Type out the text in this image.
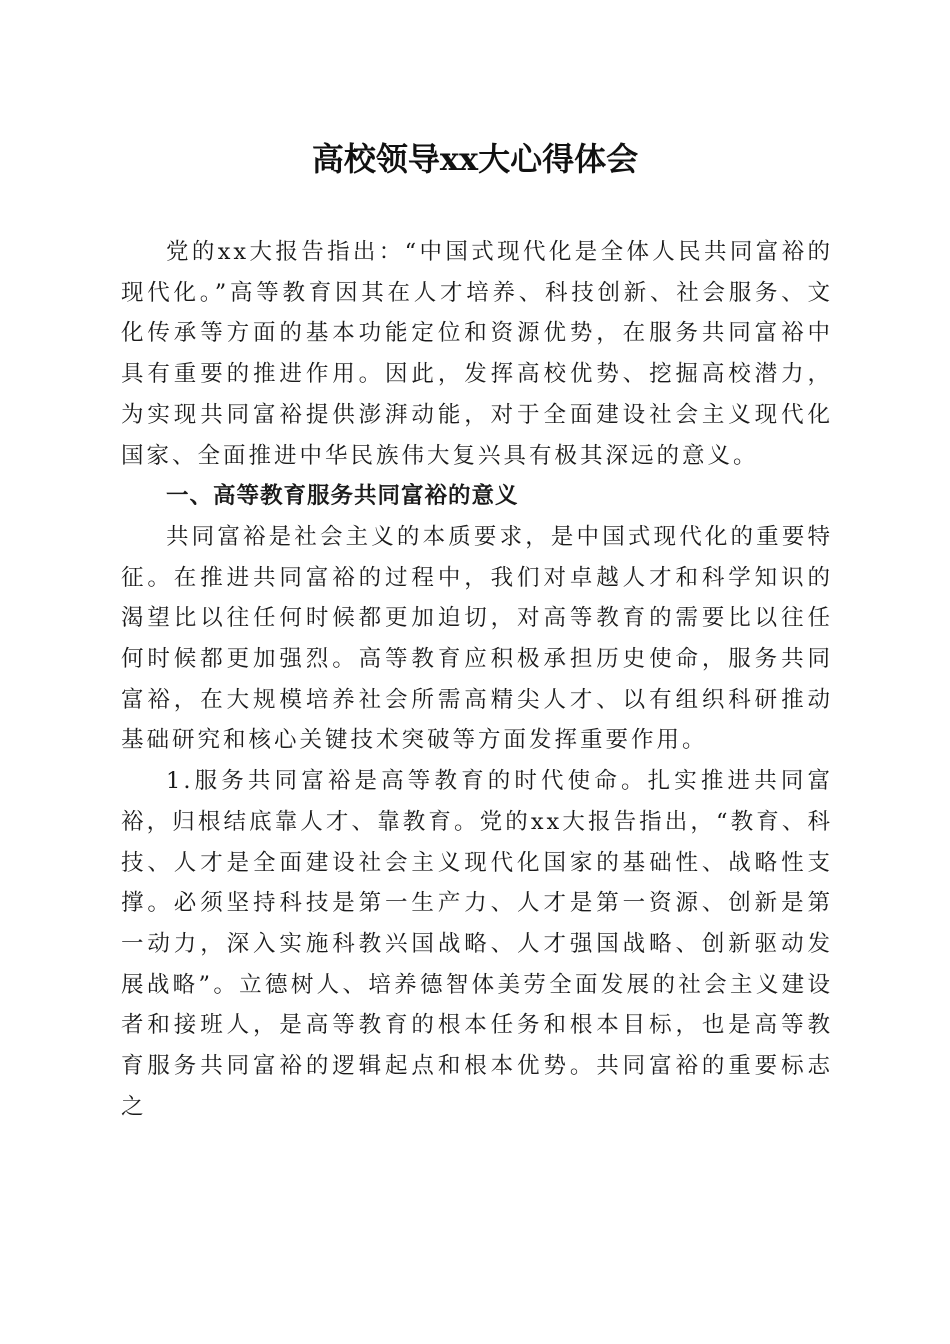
高校领导xx大心得体会

党的xx大报告指出：“中国式现代化是全体人民共同富裕的现代化。”高等教育因其在人才培养、科技创新、社会服务、文化传承等方面的基本功能定位和资源优势，在服务共同富裕中具有重要的推进作用。因此，发挥高校优势、挖掘高校潜力，为实现共同富裕提供澎湃动能，对于全面建设社会主义现代化国家、全面推进中华民族伟大复兴具有极其深远的意义。

一、高等教育服务共同富裕的意义

共同富裕是社会主义的本质要求，是中国式现代化的重要特征。在推进共同富裕的过程中，我们对卓越人才和科学知识的渴望比以往任何时候都更加迫切，对高等教育的需要比以往任何时候都更加强烈。高等教育应积极承担历史使命，服务共同富裕，在大规模培养社会所需高精尖人才、以有组织科研推动基础研究和核心关键技术突破等方面发挥重要作用。

1.服务共同富裕是高等教育的时代使命。扎实推进共同富裕，归根结底靠人才、靠教育。党的xx大报告指出，“教育、科技、人才是全面建设社会主义现代化国家的基础性、战略性支撑。必须坚持科技是第一生产力、人才是第一资源、创新是第一动力，深入实施科教兴国战略、人才强国战略、创新驱动发展战略”。立德树人、培养德智体美劳全面发展的社会主义建设者和接班人，是高等教育的根本任务和根本目标，也是高等教育服务共同富裕的逻辑起点和根本优势。共同富裕的重要标志之
